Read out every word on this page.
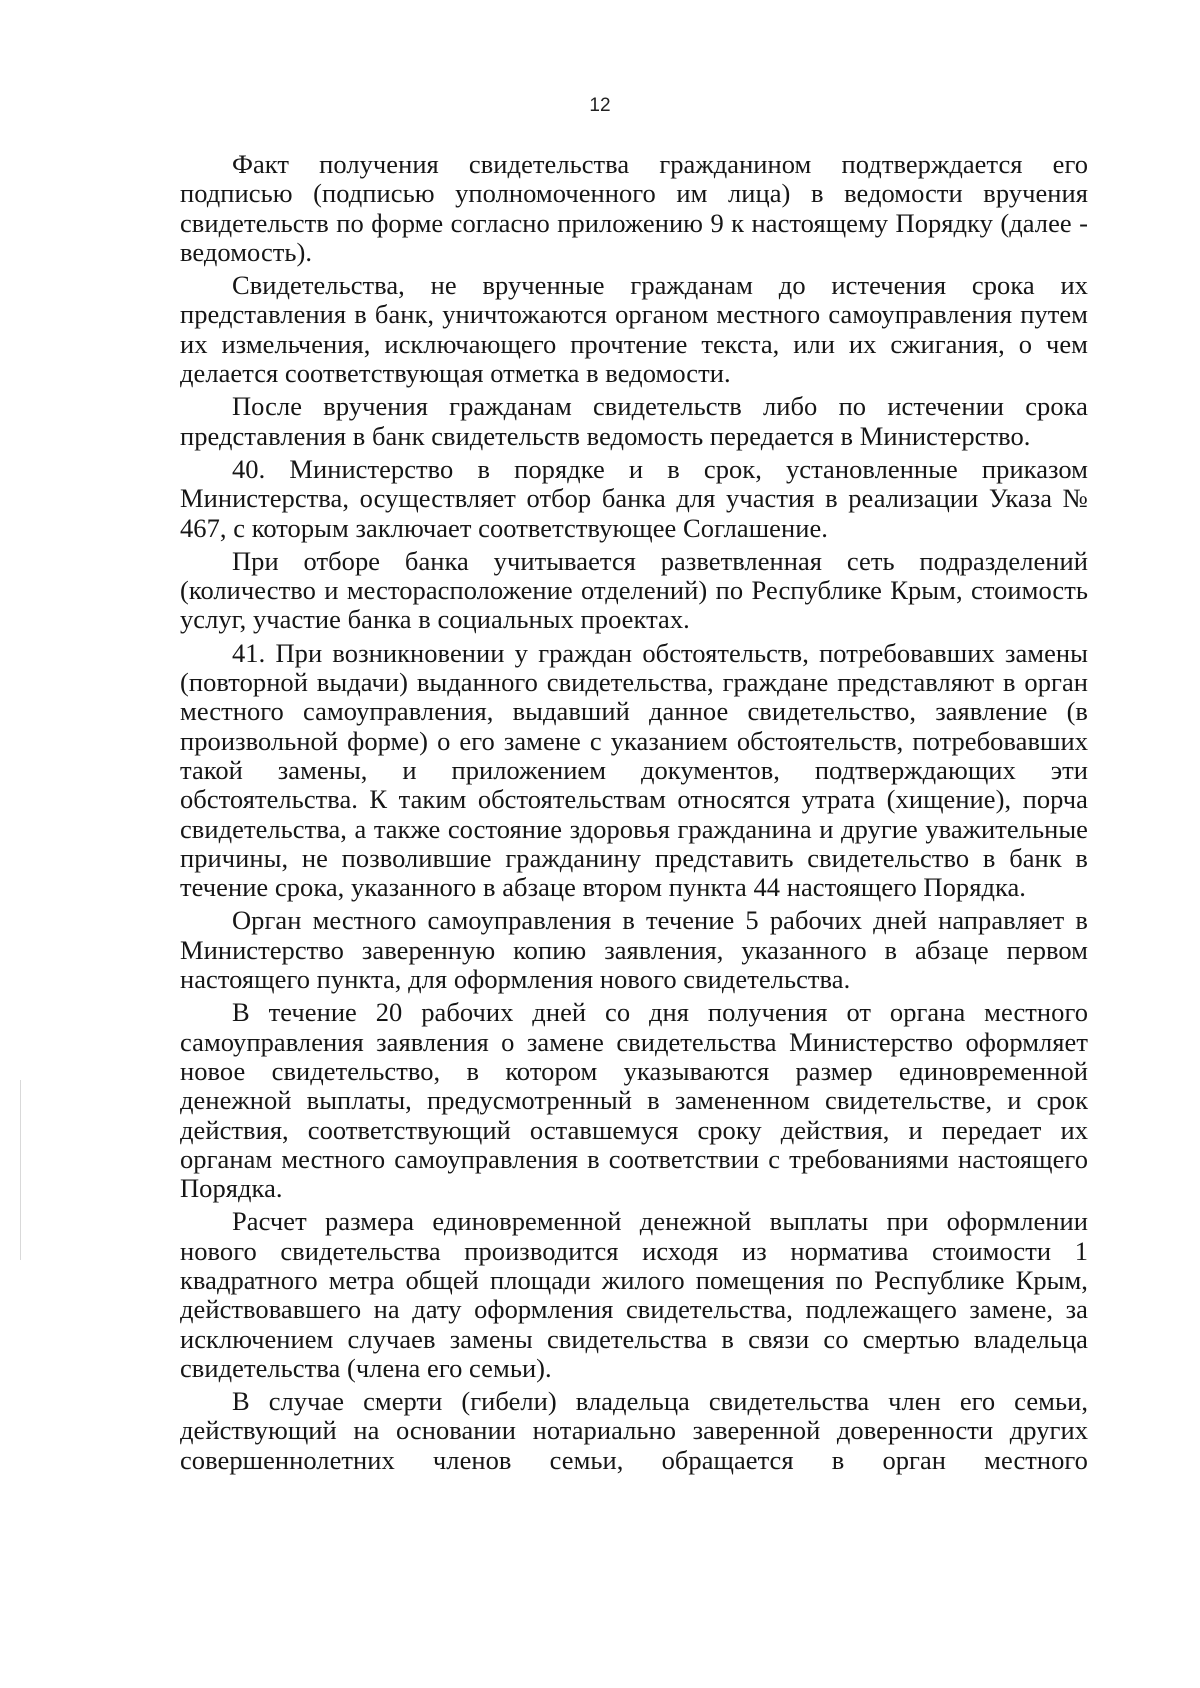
12

Факт получения свидетельства гражданином подтверждается его подписью (подписью уполномоченного им лица) в ведомости вручения свидетельств по форме согласно приложению 9 к настоящему Порядку (далее - ведомость).

Свидетельства, не врученные гражданам до истечения срока их представления в банк, уничтожаются органом местного самоуправления путем их измельчения, исключающего прочтение текста, или их сжигания, о чем делается соответствующая отметка в ведомости.

После вручения гражданам свидетельств либо по истечении срока представления в банк свидетельств ведомость передается в Министерство.

40. Министерство в порядке и в срок, установленные приказом Министерства, осуществляет отбор банка для участия в реализации Указа № 467, с которым заключает соответствующее Соглашение.

При отборе банка учитывается разветвленная сеть подразделений (количество и месторасположение отделений) по Республике Крым, стоимость услуг, участие банка в социальных проектах.

41. При возникновении у граждан обстоятельств, потребовавших замены (повторной выдачи) выданного свидетельства, граждане представляют в орган местного самоуправления, выдавший данное свидетельство, заявление (в произвольной форме) о его замене с указанием обстоятельств, потребовавших такой замены, и приложением документов, подтверждающих эти обстоятельства. К таким обстоятельствам относятся утрата (хищение), порча свидетельства, а также состояние здоровья гражданина и другие уважительные причины, не позволившие гражданину представить свидетельство в банк в течение срока, указанного в абзаце втором пункта 44 настоящего Порядка.

Орган местного самоуправления в течение 5 рабочих дней направляет в Министерство заверенную копию заявления, указанного в абзаце первом настоящего пункта, для оформления нового свидетельства.

В течение 20 рабочих дней со дня получения от органа местного самоуправления заявления о замене свидетельства Министерство оформляет новое свидетельство, в котором указываются размер единовременной денежной выплаты, предусмотренный в замененном свидетельстве, и срок действия, соответствующий оставшемуся сроку действия, и передает их органам местного самоуправления в соответствии с требованиями настоящего Порядка.

Расчет размера единовременной денежной выплаты при оформлении нового свидетельства производится исходя из норматива стоимости 1 квадратного метра общей площади жилого помещения по Республике Крым, действовавшего на дату оформления свидетельства, подлежащего замене, за исключением случаев замены свидетельства в связи со смертью владельца свидетельства (члена его семьи).

В случае смерти (гибели) владельца свидетельства член его семьи, действующий на основании нотариально заверенной доверенности других совершеннолетних членов семьи, обращается в орган местного
